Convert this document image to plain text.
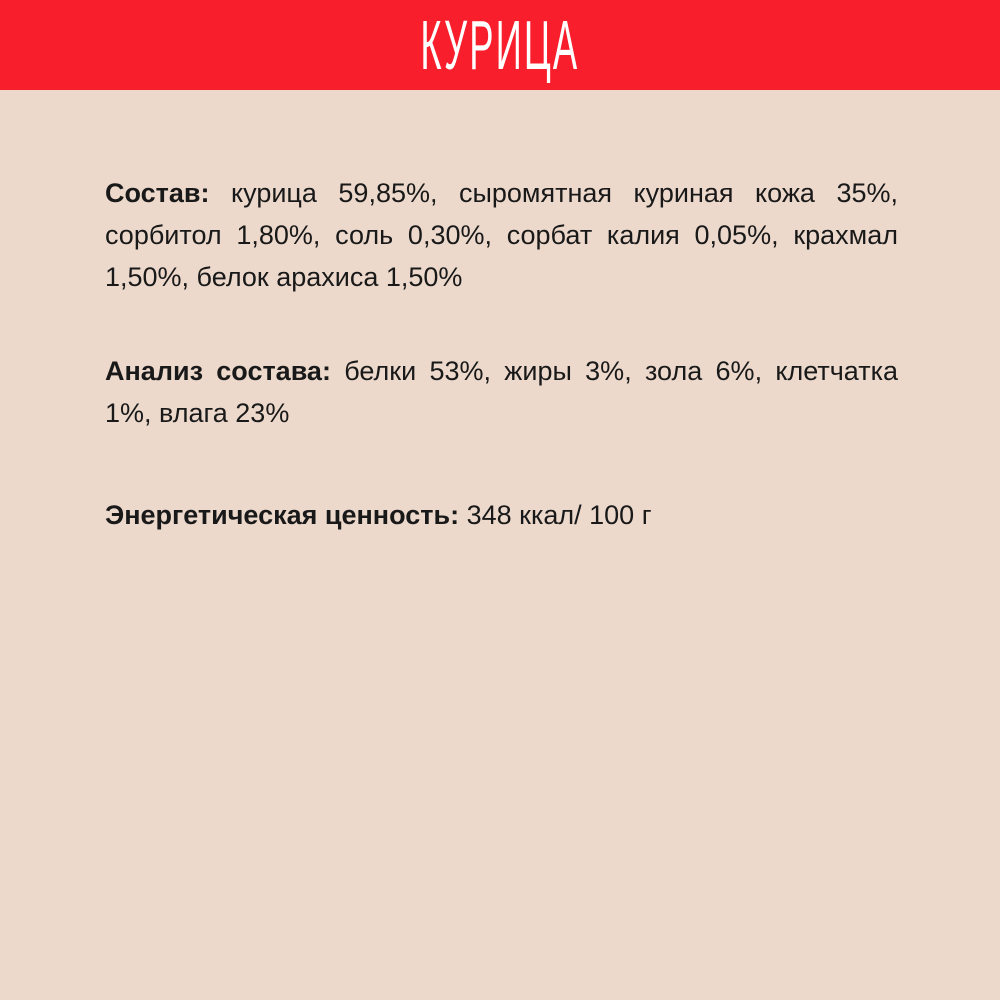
КУРИЦА

Состав: курица 59,85%, сыромятная куриная кожа 35%, сорбитол 1,80%, соль 0,30%, сорбат калия 0,05%, крахмал 1,50%, белок арахиса 1,50%

Анализ состава: белки 53%, жиры 3%, зола 6%, клетчатка 1%, влага 23%

Энергетическая ценность: 348 ккал/ 100 г
